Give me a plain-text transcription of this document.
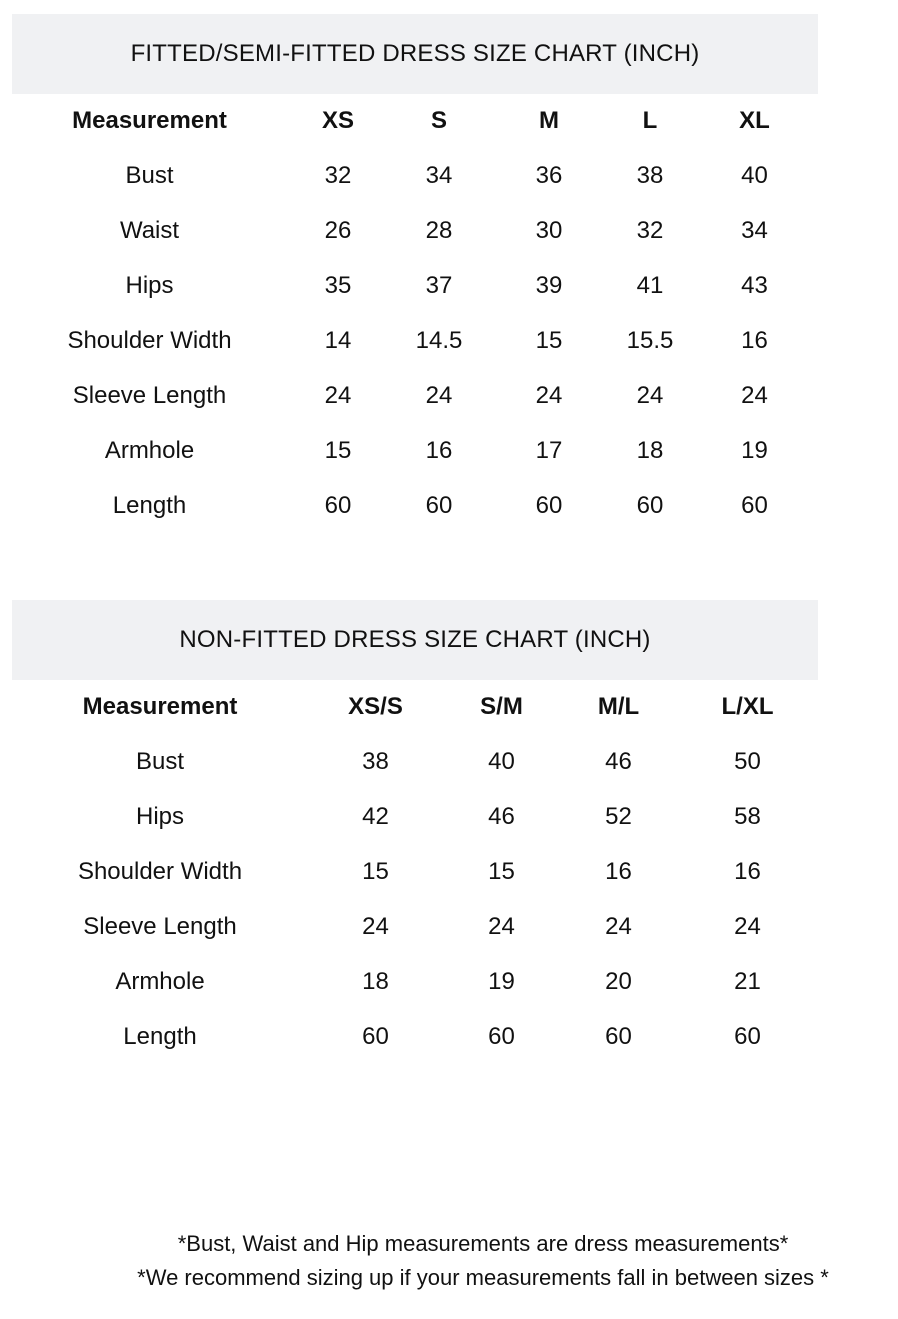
FITTED/SEMI-FITTED DRESS SIZE CHART (INCH)
Measurement	XS	S	M	L	XL
Bust	32	34	36	38	40
Waist	26	28	30	32	34
Hips	35	37	39	41	43
Shoulder Width	14	14.5	15	15.5	16
Sleeve Length	24	24	24	24	24
Armhole	15	16	17	18	19
Length	60	60	60	60	60
NON-FITTED DRESS SIZE CHART (INCH)
Measurement	XS/S	S/M	M/L	L/XL
Bust	38	40	46	50
Hips	42	46	52	58
Shoulder Width	15	15	16	16
Sleeve Length	24	24	24	24
Armhole	18	19	20	21
Length	60	60	60	60
*Bust, Waist and Hip measurements are dress measurements*
*We recommend sizing up if your measurements fall in between sizes *
